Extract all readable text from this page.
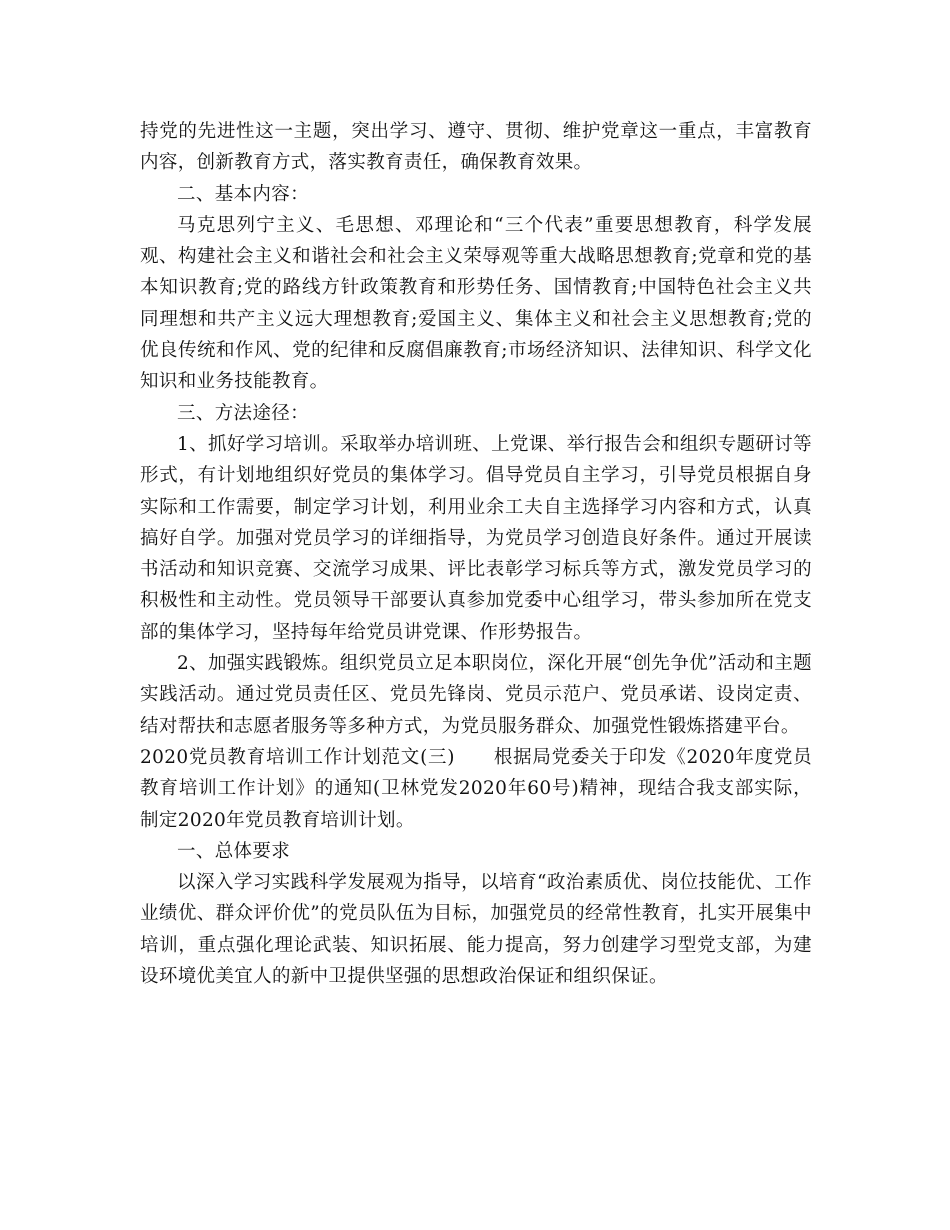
持党的先进性这一主题，突出学习、遵守、贯彻、维护党章这一重点，丰富教育内容，创新教育方式，落实教育责任，确保教育效果。

二、基本内容：

马克思列宁主义、毛思想、邓理论和“三个代表”重要思想教育，科学发展观、构建社会主义和谐社会和社会主义荣辱观等重大战略思想教育;党章和党的基本知识教育;党的路线方针政策教育和形势任务、国情教育;中国特色社会主义共同理想和共产主义远大理想教育;爱国主义、集体主义和社会主义思想教育;党的优良传统和作风、党的纪律和反腐倡廉教育;市场经济知识、法律知识、科学文化知识和业务技能教育。

三、方法途径：

1、抓好学习培训。采取举办培训班、上党课、举行报告会和组织专题研讨等形式，有计划地组织好党员的集体学习。倡导党员自主学习，引导党员根据自身实际和工作需要，制定学习计划，利用业余工夫自主选择学习内容和方式，认真搞好自学。加强对党员学习的详细指导，为党员学习创造良好条件。通过开展读书活动和知识竞赛、交流学习成果、评比表彰学习标兵等方式，激发党员学习的积极性和主动性。党员领导干部要认真参加党委中心组学习，带头参加所在党支部的集体学习，坚持每年给党员讲党课、作形势报告。

2、加强实践锻炼。组织党员立足本职岗位，深化开展“创先争优”活动和主题实践活动。通过党员责任区、党员先锋岗、党员示范户、党员承诺、设岗定责、结对帮扶和志愿者服务等多种方式，为党员服务群众、加强党性锻炼搭建平台。

2020党员教育培训工作计划范文(三)　　根据局党委关于印发《2020年度党员教育培训工作计划》的通知(卫林党发2020年60号)精神，现结合我支部实际，制定2020年党员教育培训计划。

一、总体要求

以深入学习实践科学发展观为指导，以培育“政治素质优、岗位技能优、工作业绩优、群众评价优”的党员队伍为目标，加强党员的经常性教育，扎实开展集中培训，重点强化理论武装、知识拓展、能力提高，努力创建学习型党支部，为建设环境优美宜人的新中卫提供坚强的思想政治保证和组织保证。
